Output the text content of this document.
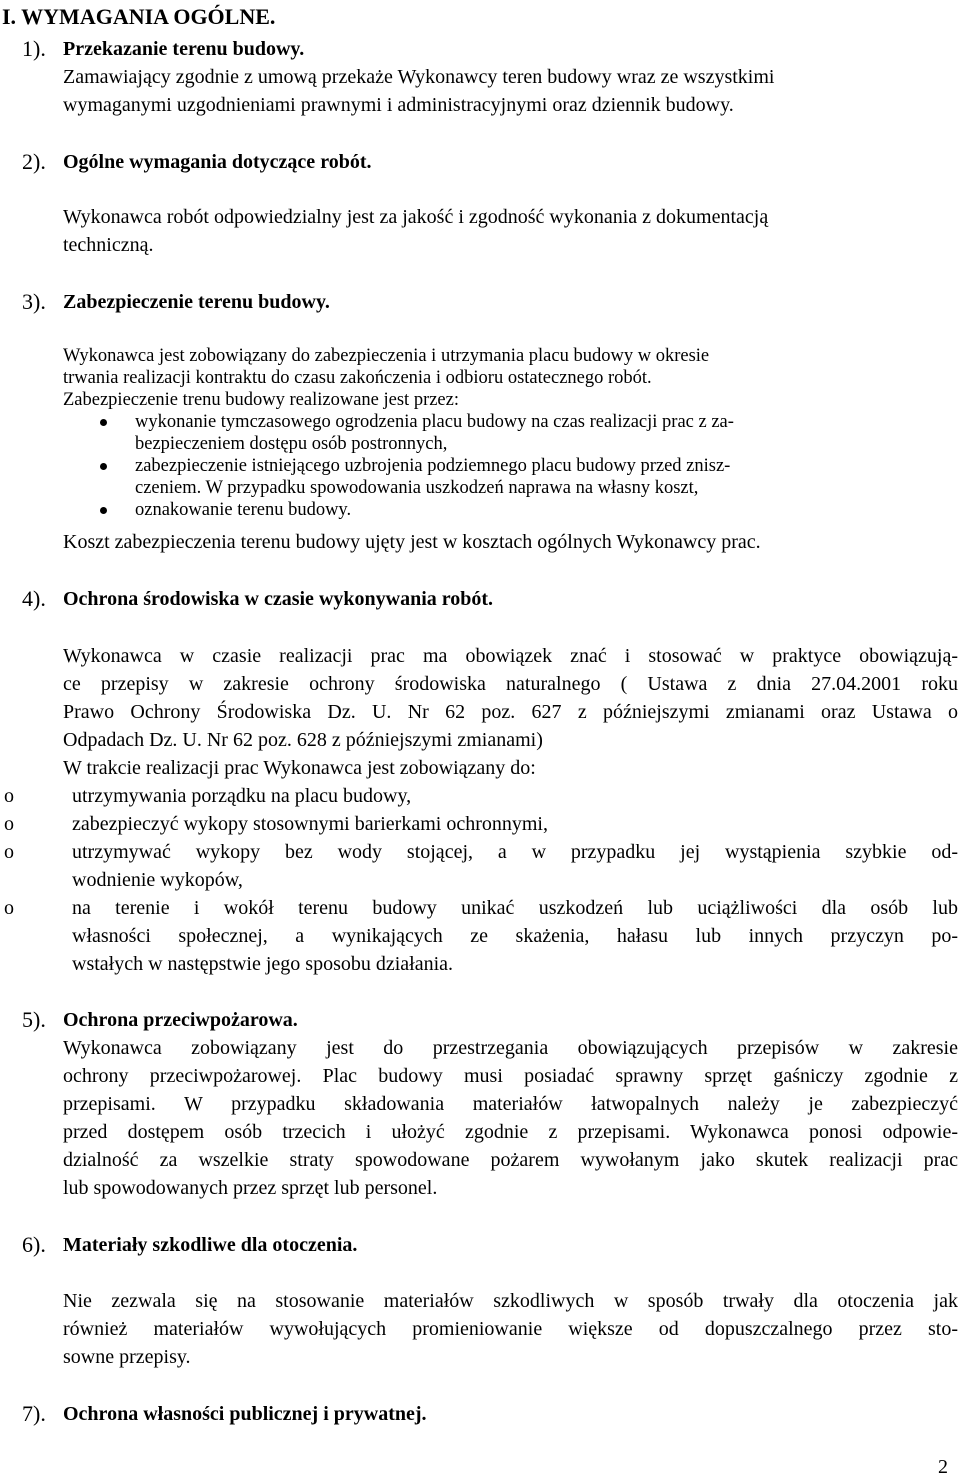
I. WYMAGANIA OGÓLNE.
1). Przekazanie terenu budowy.
Zamawiający zgodnie z umową przekaże Wykonawcy teren budowy wraz ze wszystkimi
wymaganymi uzgodnieniami prawnymi i administracyjnymi oraz dziennik budowy.
2). Ogólne wymagania dotyczące robót.
Wykonawca robót odpowiedzialny jest za jakość i zgodność wykonania z dokumentacją
techniczną.
3). Zabezpieczenie terenu budowy.
Wykonawca jest zobowiązany do zabezpieczenia i utrzymania placu budowy w okresie
trwania realizacji kontraktu do czasu zakończenia i odbioru ostatecznego robót.
Zabezpieczenie trenu budowy realizowane jest przez:
wykonanie tymczasowego ogrodzenia placu budowy na czas realizacji prac z za-
bezpieczeniem dostępu osób postronnych,
zabezpieczenie istniejącego uzbrojenia podziemnego placu budowy przed znisz-
czeniem. W przypadku spowodowania uszkodzeń naprawa na własny koszt,
oznakowanie terenu budowy.
Koszt zabezpieczenia terenu budowy ujęty jest w kosztach ogólnych Wykonawcy prac.
4). Ochrona środowiska w czasie wykonywania robót.
Wykonawca w czasie realizacji prac ma obowiązek znać i stosować w praktyce obowiązują-
ce przepisy w zakresie ochrony środowiska naturalnego ( Ustawa z dnia 27.04.2001 roku
Prawo Ochrony Środowiska Dz. U. Nr 62 poz. 627 z późniejszymi zmianami oraz Ustawa o
Odpadach Dz. U. Nr 62 poz. 628 z późniejszymi zmianami)
W trakcie realizacji prac Wykonawca jest zobowiązany do:
o utrzymywania porządku na placu budowy,
o zabezpieczyć wykopy stosownymi barierkami ochronnymi,
o utrzymywać wykopy bez wody stojącej, a w przypadku jej wystąpienia szybkie od-
wodnienie wykopów,
o na terenie i wokół terenu budowy unikać uszkodzeń lub uciążliwości dla osób lub
własności społecznej, a wynikających ze skażenia, hałasu lub innych przyczyn po-
wstałych w następstwie jego sposobu działania.
5). Ochrona przeciwpożarowa.
Wykonawca zobowiązany jest do przestrzegania obowiązujących przepisów w zakresie
ochrony przeciwpożarowej. Plac budowy musi posiadać sprawny sprzęt gaśniczy zgodnie z
przepisami. W przypadku składowania materiałów łatwopalnych należy je zabezpieczyć
przed dostępem osób trzecich i ułożyć zgodnie z przepisami. Wykonawca ponosi odpowie-
dzialność za wszelkie straty spowodowane pożarem wywołanym jako skutek realizacji prac
lub spowodowanych przez sprzęt lub personel.
6). Materiały szkodliwe dla otoczenia.
Nie zezwala się na stosowanie materiałów szkodliwych w sposób trwały dla otoczenia jak
również materiałów wywołujących promieniowanie większe od dopuszczalnego przez sto-
sowne przepisy.
7). Ochrona własności publicznej i prywatnej.
2
